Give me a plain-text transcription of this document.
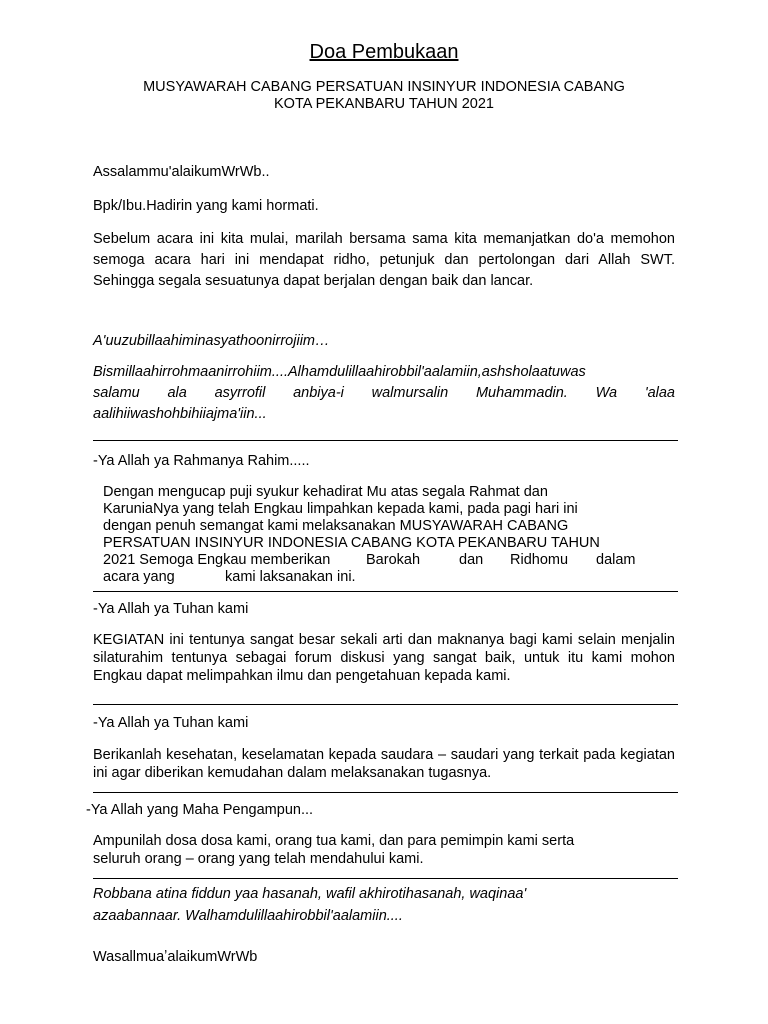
Doa Pembukaan
MUSYAWARAH CABANG PERSATUAN INSINYUR INDONESIA CABANG
KOTA PEKANBARU TAHUN 2021
Assalammu'alaikumWrWb..
Bpk/Ibu.Hadirin yang kami hormati.
Sebelum acara ini kita mulai, marilah bersama sama kita memanjatkan do'a memohon semoga acara hari ini mendapat ridho, petunjuk dan pertolongan dari Allah SWT. Sehingga segala sesuatunya dapat berjalan dengan baik dan lancar.
A'uuzubillaahiminasyathoonirrojiim…
Bismillaahirrohmaanirrohiim....Alhamdulillaahirobbil'aalamiin,ashsholaatuwas
salamu ala asyrrofil anbiya-i walmursalin Muhammadin. Wa 'alaa aalihiiwashohbihiiajma'iin...
-Ya Allah ya Rahmanya Rahim.....
Dengan mengucap puji syukur kehadirat Mu atas segala Rahmat dan
KaruniaNya yang telah Engkau limpahkan kepada kami, pada pagi hari ini
dengan penuh semangat kami melaksanakan MUSYAWARAH CABANG
PERSATUAN INSINYUR INDONESIA CABANG KOTA PEKANBARU TAHUN
2021 Semoga Engkau memberikan Barokah	dan Ridhomu dalam
acara yang	kami laksanakan ini.
-Ya Allah ya Tuhan kami
KEGIATAN ini tentunya sangat besar sekali arti dan maknanya bagi kami selain menjalin silaturahim tentunya sebagai forum diskusi yang sangat baik, untuk itu kami mohon Engkau dapat melimpahkan ilmu dan pengetahuan kepada kami.
-Ya Allah ya Tuhan kami
Berikanlah kesehatan, keselamatan kepada saudara – saudari yang terkait pada kegiatan ini agar diberikan kemudahan dalam melaksanakan tugasnya.
-Ya Allah yang Maha Pengampun...
Ampunilah dosa dosa kami, orang tua kami, dan para pemimpin kami serta
seluruh orang – orang yang telah mendahului kami.
Robbana atina fiddun yaa hasanah, wafil akhirotihasanah, waqinaa'
azaabannaar. Walhamdulillaahirobbil'aalamiin....
WasallmuaʼalaikumWrWb
